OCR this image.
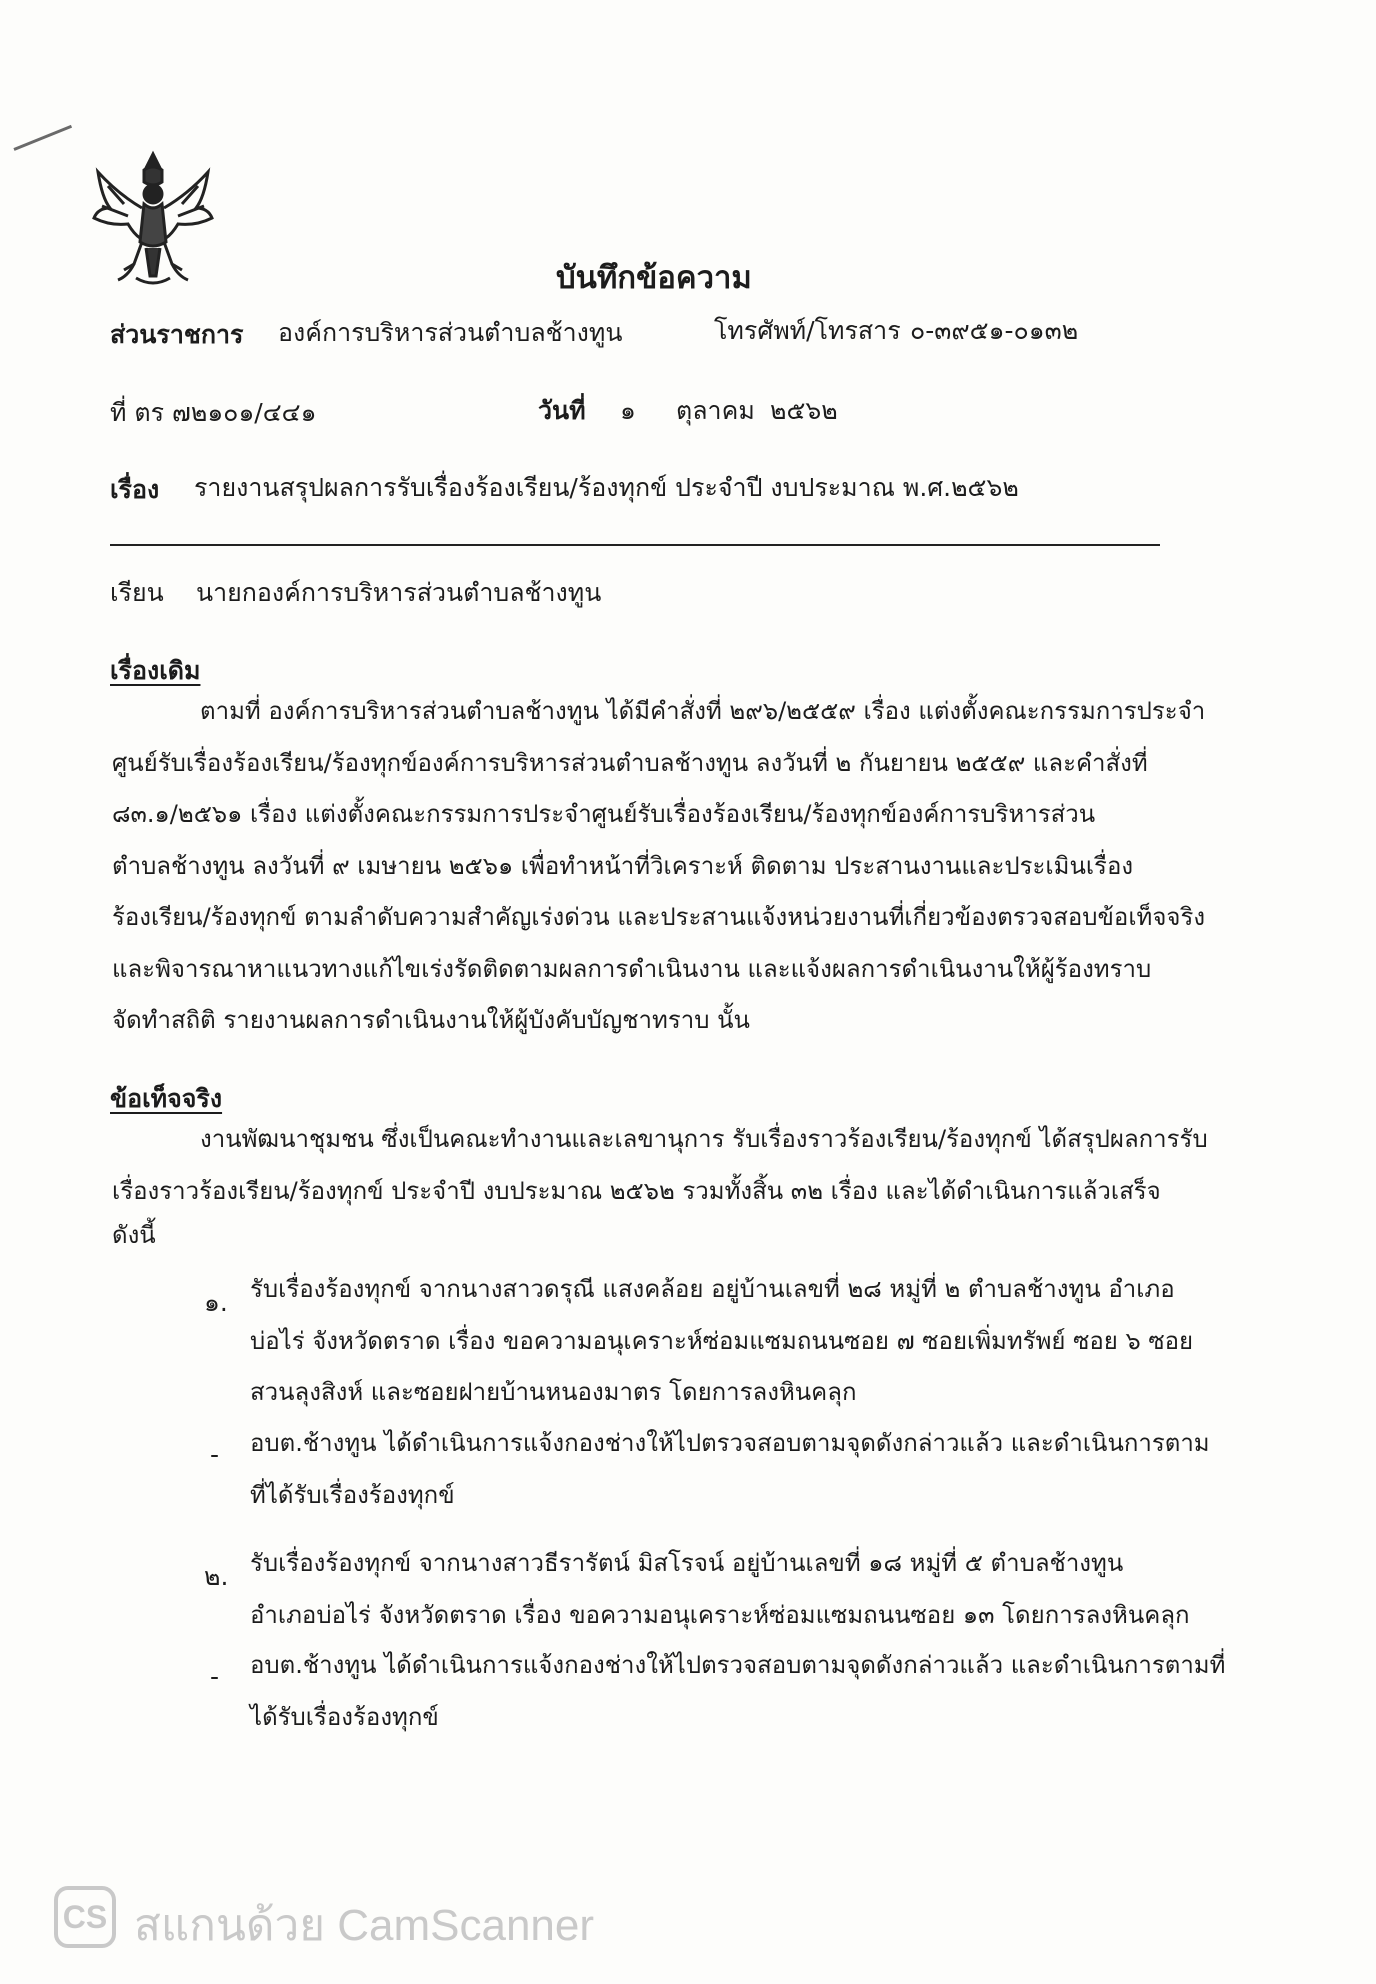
บันทึกข้อความ
ส่วนราชการ องค์การบริหารส่วนตำบลช้างทูน	โทรศัพท์/โทรสาร ๐-๓๙๕๑-๐๑๓๒
ที่ ตร ๗๒๑๐๑/๔๔๑	วันที่ ๑ ตุลาคม ๒๕๖๒
เรื่อง รายงานสรุปผลการรับเรื่องร้องเรียน/ร้องทุกข์ ประจำปี งบประมาณ พ.ศ.๒๕๖๒
เรียน นายกองค์การบริหารส่วนตำบลช้างทูน
เรื่องเดิม
ตามที่ องค์การบริหารส่วนตำบลช้างทูน ได้มีคำสั่งที่ ๒๙๖/๒๕๕๙ เรื่อง แต่งตั้งคณะกรรมการประจำ
ศูนย์รับเรื่องร้องเรียน/ร้องทุกข์องค์การบริหารส่วนตำบลช้างทูน ลงวันที่ ๒ กันยายน ๒๕๕๙ และคำสั่งที่
๘๓.๑/๒๕๖๑ เรื่อง แต่งตั้งคณะกรรมการประจำศูนย์รับเรื่องร้องเรียน/ร้องทุกข์องค์การบริหารส่วน
ตำบลช้างทูน ลงวันที่ ๙ เมษายน ๒๕๖๑ เพื่อทำหน้าที่วิเคราะห์ ติดตาม ประสานงานและประเมินเรื่อง
ร้องเรียน/ร้องทุกข์ ตามลำดับความสำคัญเร่งด่วน และประสานแจ้งหน่วยงานที่เกี่ยวข้องตรวจสอบข้อเท็จจริง
และพิจารณาหาแนวทางแก้ไขเร่งรัดติดตามผลการดำเนินงาน และแจ้งผลการดำเนินงานให้ผู้ร้องทราบ
จัดทำสถิติ รายงานผลการดำเนินงานให้ผู้บังคับบัญชาทราบ นั้น
ข้อเท็จจริง
งานพัฒนาชุมชน ซึ่งเป็นคณะทำงานและเลขานุการ รับเรื่องราวร้องเรียน/ร้องทุกข์ ได้สรุปผลการรับ
เรื่องราวร้องเรียน/ร้องทุกข์ ประจำปี งบประมาณ ๒๕๖๒ รวมทั้งสิ้น ๓๒ เรื่อง และได้ดำเนินการแล้วเสร็จ
ดังนี้
๑. รับเรื่องร้องทุกข์ จากนางสาวดรุณี แสงคล้อย อยู่บ้านเลขที่ ๒๘ หมู่ที่ ๒ ตำบลช้างทูน อำเภอ
บ่อไร่ จังหวัดตราด เรื่อง ขอความอนุเคราะห์ซ่อมแซมถนนซอย ๗ ซอยเพิ่มทรัพย์ ซอย ๖ ซอย
สวนลุงสิงห์ และซอยฝายบ้านหนองมาตร โดยการลงหินคลุก
- อบต.ช้างทูน ได้ดำเนินการแจ้งกองช่างให้ไปตรวจสอบตามจุดดังกล่าวแล้ว และดำเนินการตาม
ที่ได้รับเรื่องร้องทุกข์
๒. รับเรื่องร้องทุกข์ จากนางสาวธีรารัตน์ มิสโรจน์ อยู่บ้านเลขที่ ๑๘ หมู่ที่ ๕ ตำบลช้างทูน
อำเภอบ่อไร่ จังหวัดตราด เรื่อง ขอความอนุเคราะห์ซ่อมแซมถนนซอย ๑๓ โดยการลงหินคลุก
- อบต.ช้างทูน ได้ดำเนินการแจ้งกองช่างให้ไปตรวจสอบตามจุดดังกล่าวแล้ว และดำเนินการตามที่
ได้รับเรื่องร้องทุกข์
CS สแกนด้วย CamScanner
